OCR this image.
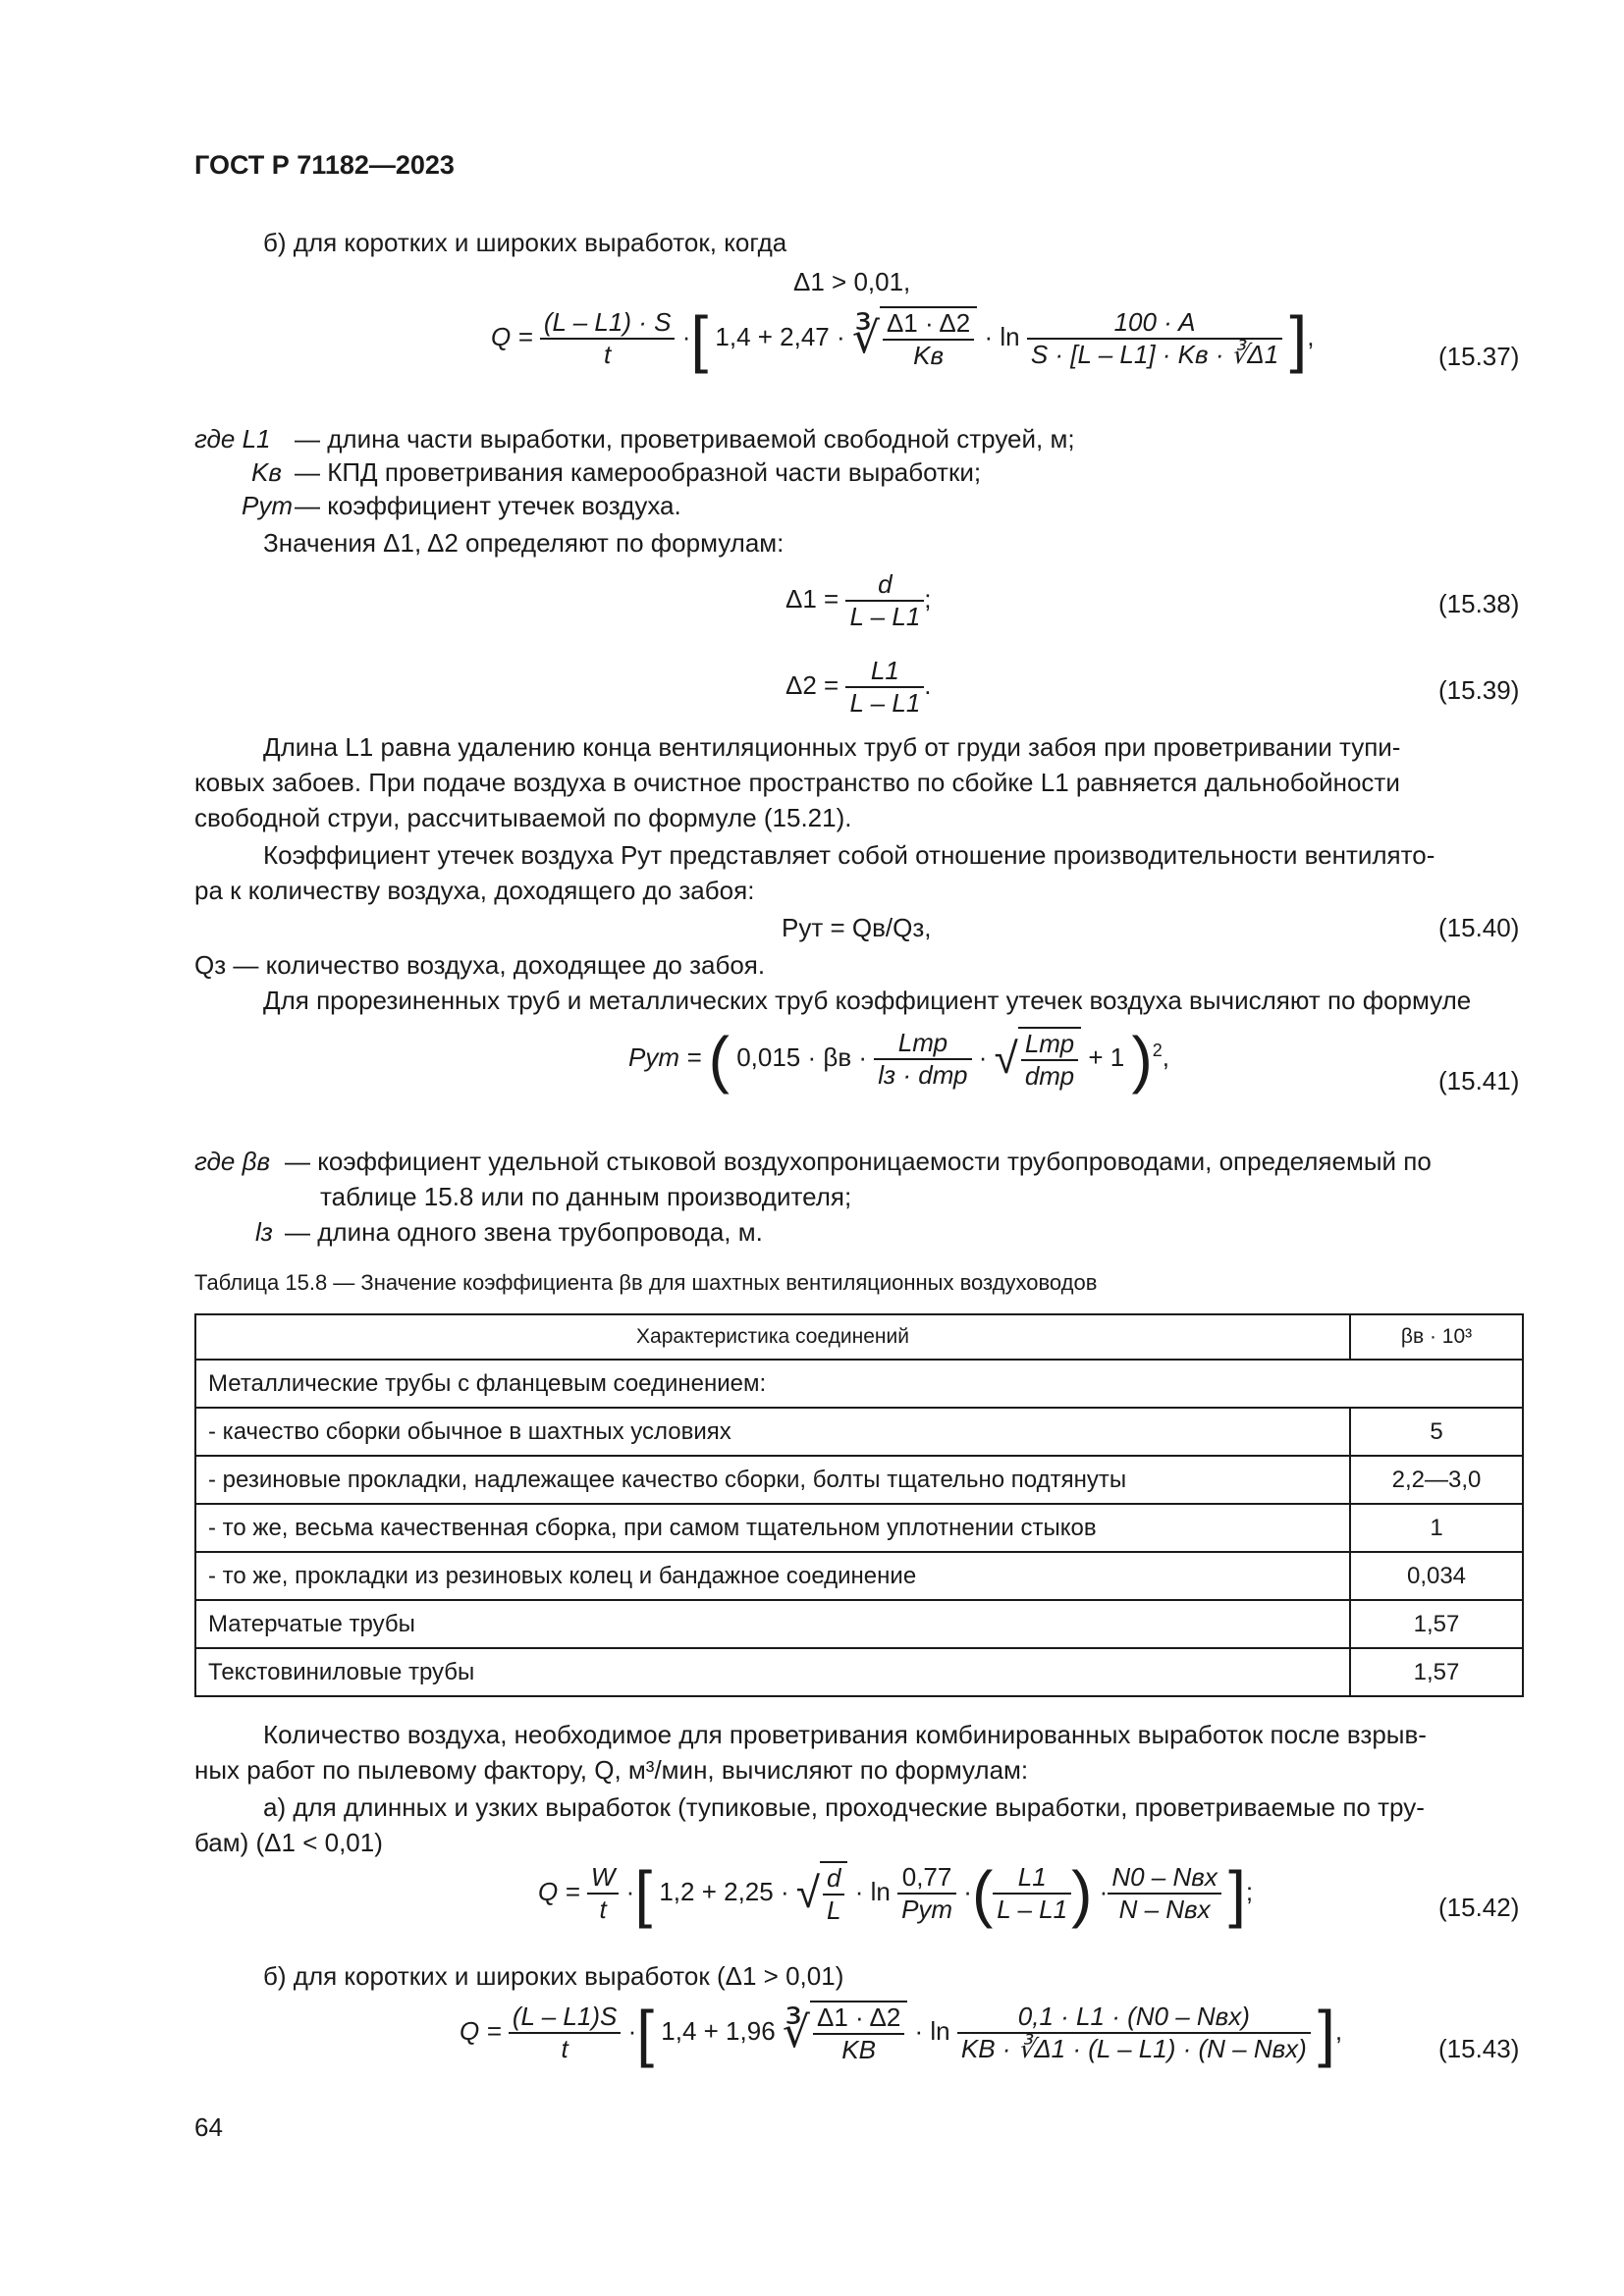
ГОСТ Р 71182—2023
б) для коротких и широких выработок, когда
Δ1 > 0,01,
$Q = \frac{(L - L1) \cdot S}{t}$ ·[ 1,4 + 2,47 · ∛ Δ1 · Δ2
Kв
· ln
100 · A
S · [L – L1] · Kв · ∛Δ1 ],
(15.37)
где L1 — длина части выработки, проветриваемой свободной струей, м;
Kв — КПД проветривания камерообразной части выработки;
Pут — коэффициент утечек воздуха.
Значения Δ1, Δ2 определяют по формулам:
$\Delta 1 = \frac{d}{L - L1}$ ;	(15.38)
$\Delta 2 = \frac{L1}{L - L1}$ .	(15.39)
Длина L1 равна удалению конца вентиляционных труб от груди забоя при проветривании тупи-
ковых забоев. При подаче воздуха в очистное пространство по сбойке L1 равняется дальнобойности
свободной струи, рассчитываемой по формуле (15.21).
Коэффициент утечек воздуха Pут представляет собой отношение производительности вентилято-
ра к количеству воздуха, доходящего до забоя:
Pут = Qв/Qз,	(15.40)
Qз — количество воздуха, доходящее до забоя.
Для прорезиненных труб и металлических труб коэффициент утечек воздуха вычисляют по формуле
Pут = ( 0,015 · βв ·
Lтр
lз · dтр
· √ Lтр
dтр
+ 1 )$^2$,
(15.41)
где βв — коэффициент удельной стыковой воздухопроницаемости трубопроводами, определяемый по
таблице 15.8 или по данным производителя;
lз — длина одного звена трубопровода, м.
Таблица 15.8 — Значение коэффициента βв для шахтных вентиляционных воздуховодов
Характеристика соединений	βв · 10³
Металлические трубы с фланцевым соединением:	
- качество сборки обычное в шахтных условиях	5
- резиновые прокладки, надлежащее качество сборки, болты тщательно подтянуты	2,2—3,0
- то же, весьма качественная сборка, при самом тщательном уплотнении стыков	1
- то же, прокладки из резиновых колец и бандажное соединение	0,034
Матерчатые трубы	1,57
Текстовиниловые трубы	1,57
Количество воздуха, необходимое для проветривания комбинированных выработок после взрыв-
ных работ по пылевому фактору, Q, м³/мин, вычисляют по формулам:
а) для длинных и узких выработок (тупиковые, проходческие выработки, проветриваемые по тру-
бам) (Δ1 < 0,01)
$Q = \frac{W}{t}$ ·[ 1,2 + 2,25 · √ $\frac{d}{L} \cdot \ln$
0,77
Pут
·( $\frac{L1}{L - L1}$ ) ·
N0 – Nвх
N – Nвх ];
(15.42)
б) для коротких и широких выработок (Δ1 > 0,01)
$Q = \frac{(L - L1)S}{t}$ ·[ 1,4 + 1,96 ∛ Δ1 · Δ2
KВ
· ln
0,1 · L1 · (N0 – Nвх)
KВ · ∛Δ1 · (L – L1) · (N – Nвх) ],
(15.43)
64
